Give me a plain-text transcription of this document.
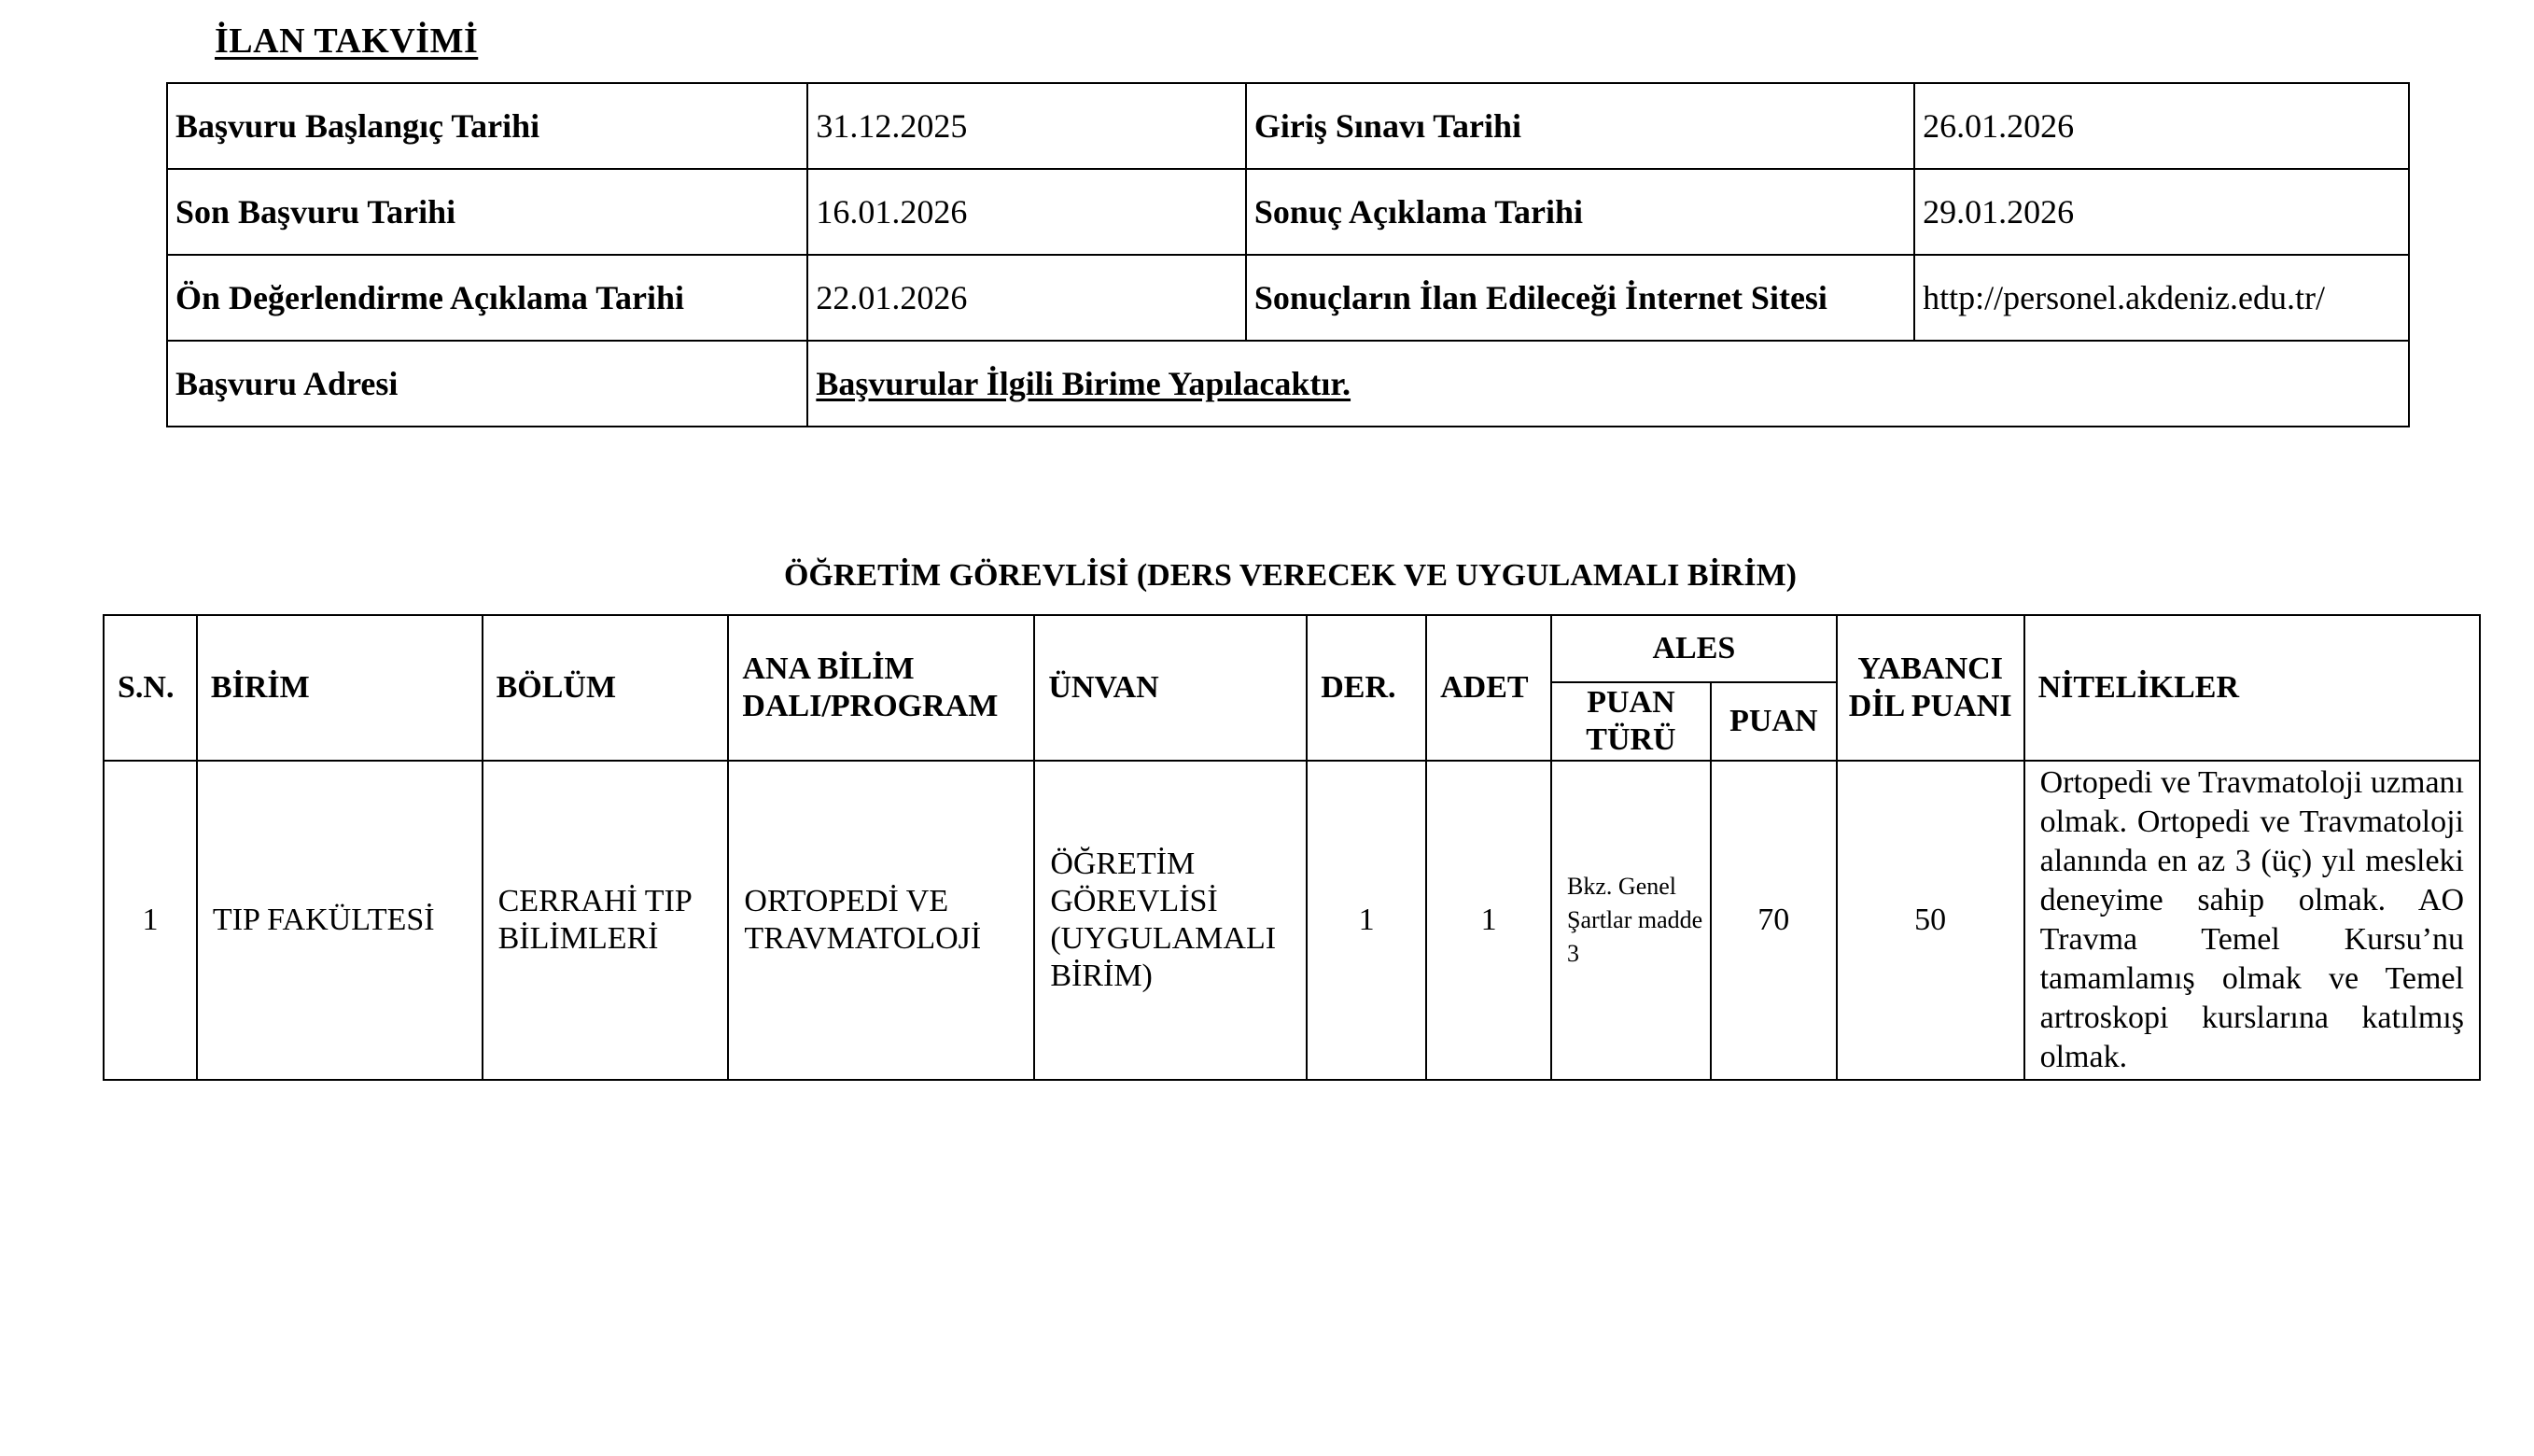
İLAN TAKVİMİ
Başvuru Başlangıç Tarihi	31.12.2025	Giriş Sınavı Tarihi	26.01.2026
Son Başvuru Tarihi	16.01.2026	Sonuç Açıklama Tarihi	29.01.2026
Ön Değerlendirme Açıklama Tarihi	22.01.2026	Sonuçların İlan Edileceği İnternet Sitesi	http://personel.akdeniz.edu.tr/
Başvuru Adresi	Başvurular İlgili Birime Yapılacaktır.		
ÖĞRETİM GÖREVLİSİ (DERS VERECEK VE UYGULAMALI BİRİM)
S.N.	BİRİM	BÖLÜM	ANA BİLİM DALI/PROGRAM	ÜNVAN	DER.	ADET	ALES		YABANCI DİL PUANI	NİTELİKLER
							PUAN TÜRÜ	PUAN		
1	TIP FAKÜLTESİ	CERRAHİ TIP BİLİMLERİ	ORTOPEDİ VE TRAVMATOLOJİ	ÖĞRETİM GÖREVLİSİ (UYGULAMALI BİRİM)	1	1	Bkz. Genel Şartlar madde 3	70	50	Ortopedi ve Travmatoloji uzmanı olmak. Ortopedi ve Travmatoloji alanında en az 3 (üç) yıl mesleki deneyime sahip olmak. AO Travma Temel Kursu’nu tamamlamış olmak ve Temel artroskopi kurslarına katılmış olmak.
